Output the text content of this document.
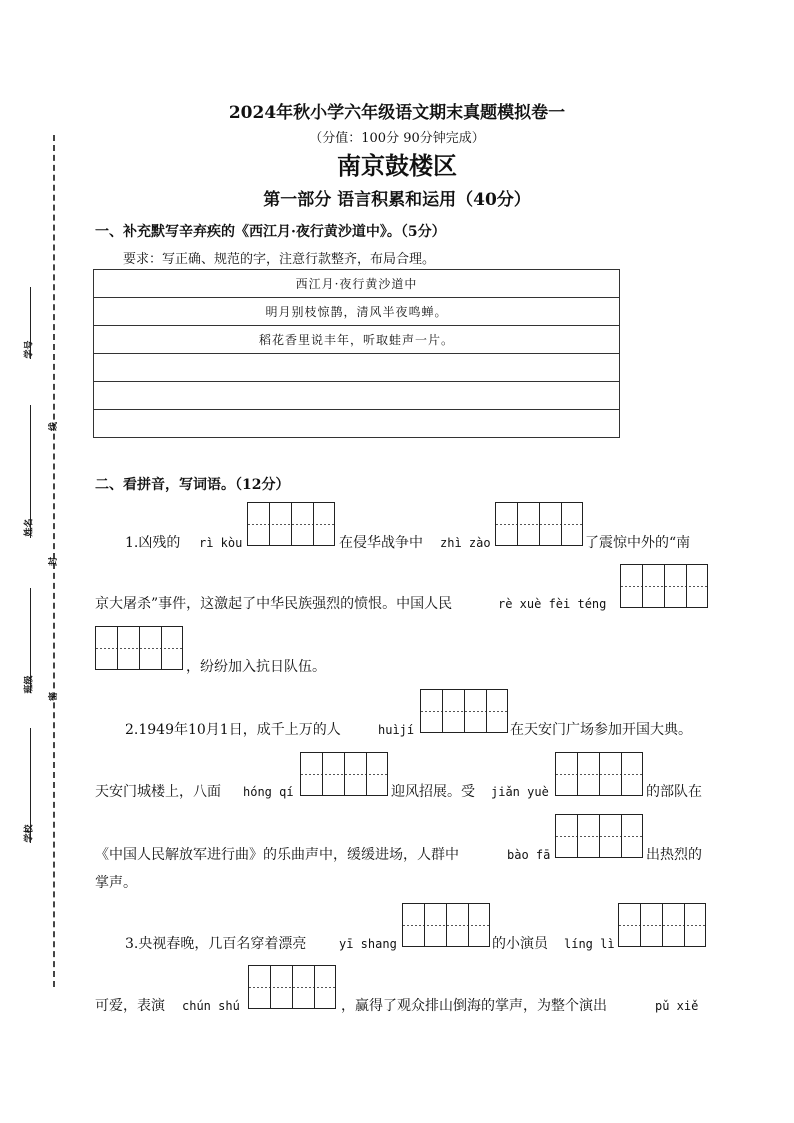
学号
姓名
班级
学校
线
封
密
2024年秋小学六年级语文期末真题模拟卷一
（分值：100分 90分钟完成）
南京鼓楼区
第一部分 语言积累和运用（40分）
一、补充默写辛弃疾的《西江月·夜行黄沙道中》。（5分）
要求：写正确、规范的字，注意行款整齐，布局合理。
西江月·夜行黄沙道中
明月别枝惊鹊，清风半夜鸣蝉。
稻花香里说丰年，听取蛙声一片。

二、看拼音，写词语。（12分）
1.凶残的 rì kòu	在侵华战争中 zhì zào	了震惊中外的“南
京大屠杀”事件，这激起了中华民族强烈的愤恨。中国人民	rè xuè fèi téng
，纷纷加入抗日队伍。
2.1949年10月1日，成千上万的人	huìjí	在天安门广场参加开国大典。
天安门城楼上，八面 hóng qí	迎风招展。受 jiǎn yuè	的部队在
《中国人民解放军进行曲》的乐曲声中，缓缓进场，人群中	bào fā	出热烈的
掌声。
3.央视春晚，几百名穿着漂亮	yī shang	的小演员 líng lì
可爱，表演 chún shú	，赢得了观众排山倒海的掌声，为整个演出	pǔ xiě
